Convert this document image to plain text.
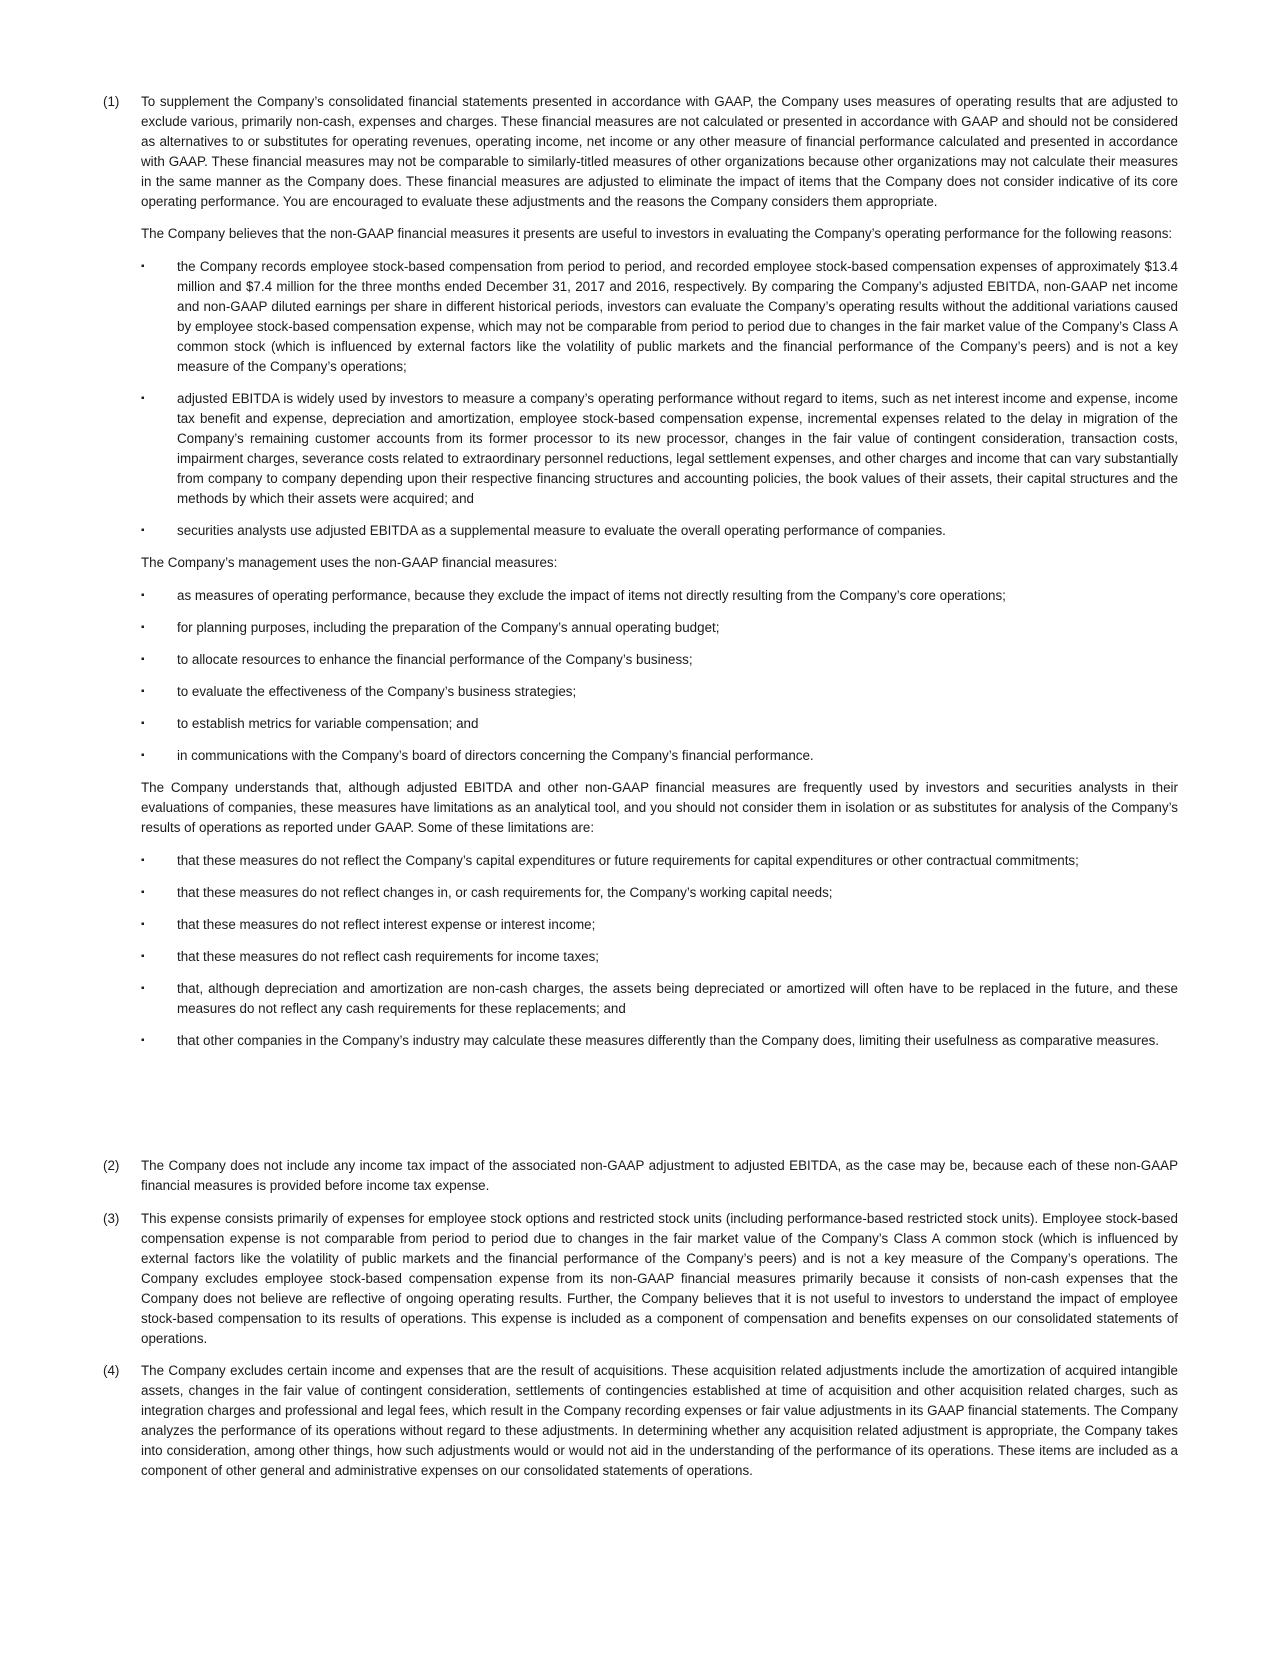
(1)	To supplement the Company’s consolidated financial statements presented in accordance with GAAP, the Company uses measures of operating results that are adjusted to exclude various, primarily non-cash, expenses and charges. These financial measures are not calculated or presented in accordance with GAAP and should not be considered as alternatives to or substitutes for operating revenues, operating income, net income or any other measure of financial performance calculated and presented in accordance with GAAP. These financial measures may not be comparable to similarly-titled measures of other organizations because other organizations may not calculate their measures in the same manner as the Company does. These financial measures are adjusted to eliminate the impact of items that the Company does not consider indicative of its core operating performance. You are encouraged to evaluate these adjustments and the reasons the Company considers them appropriate.

The Company believes that the non-GAAP financial measures it presents are useful to investors in evaluating the Company’s operating performance for the following reasons:

▪ the Company records employee stock-based compensation from period to period, and recorded employee stock-based compensation expenses of approximately $13.4 million and $7.4 million for the three months ended December 31, 2017 and 2016, respectively. By comparing the Company’s adjusted EBITDA, non-GAAP net income and non-GAAP diluted earnings per share in different historical periods, investors can evaluate the Company’s operating results without the additional variations caused by employee stock-based compensation expense, which may not be comparable from period to period due to changes in the fair market value of the Company’s Class A common stock (which is influenced by external factors like the volatility of public markets and the financial performance of the Company’s peers) and is not a key measure of the Company’s operations;
▪ adjusted EBITDA is widely used by investors to measure a company’s operating performance without regard to items, such as net interest income and expense, income tax benefit and expense, depreciation and amortization, employee stock-based compensation expense, incremental expenses related to the delay in migration of the Company’s remaining customer accounts from its former processor to its new processor, changes in the fair value of contingent consideration, transaction costs, impairment charges, severance costs related to extraordinary personnel reductions, legal settlement expenses, and other charges and income that can vary substantially from company to company depending upon their respective financing structures and accounting policies, the book values of their assets, their capital structures and the methods by which their assets were acquired; and
▪ securities analysts use adjusted EBITDA as a supplemental measure to evaluate the overall operating performance of companies.

The Company’s management uses the non-GAAP financial measures:

▪ as measures of operating performance, because they exclude the impact of items not directly resulting from the Company’s core operations;
▪ for planning purposes, including the preparation of the Company’s annual operating budget;
▪ to allocate resources to enhance the financial performance of the Company’s business;
▪ to evaluate the effectiveness of the Company’s business strategies;
▪ to establish metrics for variable compensation; and
▪ in communications with the Company’s board of directors concerning the Company’s financial performance.

The Company understands that, although adjusted EBITDA and other non-GAAP financial measures are frequently used by investors and securities analysts in their evaluations of companies, these measures have limitations as an analytical tool, and you should not consider them in isolation or as substitutes for analysis of the Company’s results of operations as reported under GAAP. Some of these limitations are:

▪ that these measures do not reflect the Company’s capital expenditures or future requirements for capital expenditures or other contractual commitments;
▪ that these measures do not reflect changes in, or cash requirements for, the Company’s working capital needs;
▪ that these measures do not reflect interest expense or interest income;
▪ that these measures do not reflect cash requirements for income taxes;
▪ that, although depreciation and amortization are non-cash charges, the assets being depreciated or amortized will often have to be replaced in the future, and these measures do not reflect any cash requirements for these replacements; and
▪ that other companies in the Company’s industry may calculate these measures differently than the Company does, limiting their usefulness as comparative measures.
(2)	The Company does not include any income tax impact of the associated non-GAAP adjustment to adjusted EBITDA, as the case may be, because each of these non-GAAP financial measures is provided before income tax expense.

(3)	This expense consists primarily of expenses for employee stock options and restricted stock units (including performance-based restricted stock units). Employee stock-based compensation expense is not comparable from period to period due to changes in the fair market value of the Company’s Class A common stock (which is influenced by external factors like the volatility of public markets and the financial performance of the Company’s peers) and is not a key measure of the Company’s operations. The Company excludes employee stock-based compensation expense from its non-GAAP financial measures primarily because it consists of non-cash expenses that the Company does not believe are reflective of ongoing operating results. Further, the Company believes that it is not useful to investors to understand the impact of employee stock-based compensation to its results of operations. This expense is included as a component of compensation and benefits expenses on our consolidated statements of operations.

(4)	The Company excludes certain income and expenses that are the result of acquisitions. These acquisition related adjustments include the amortization of acquired intangible assets, changes in the fair value of contingent consideration, settlements of contingencies established at time of acquisition and other acquisition related charges, such as integration charges and professional and legal fees, which result in the Company recording expenses or fair value adjustments in its GAAP financial statements. The Company analyzes the performance of its operations without regard to these adjustments. In determining whether any acquisition related adjustment is appropriate, the Company takes into consideration, among other things, how such adjustments would or would not aid in the understanding of the performance of its operations. These items are included as a component of other general and administrative expenses on our consolidated statements of operations.
